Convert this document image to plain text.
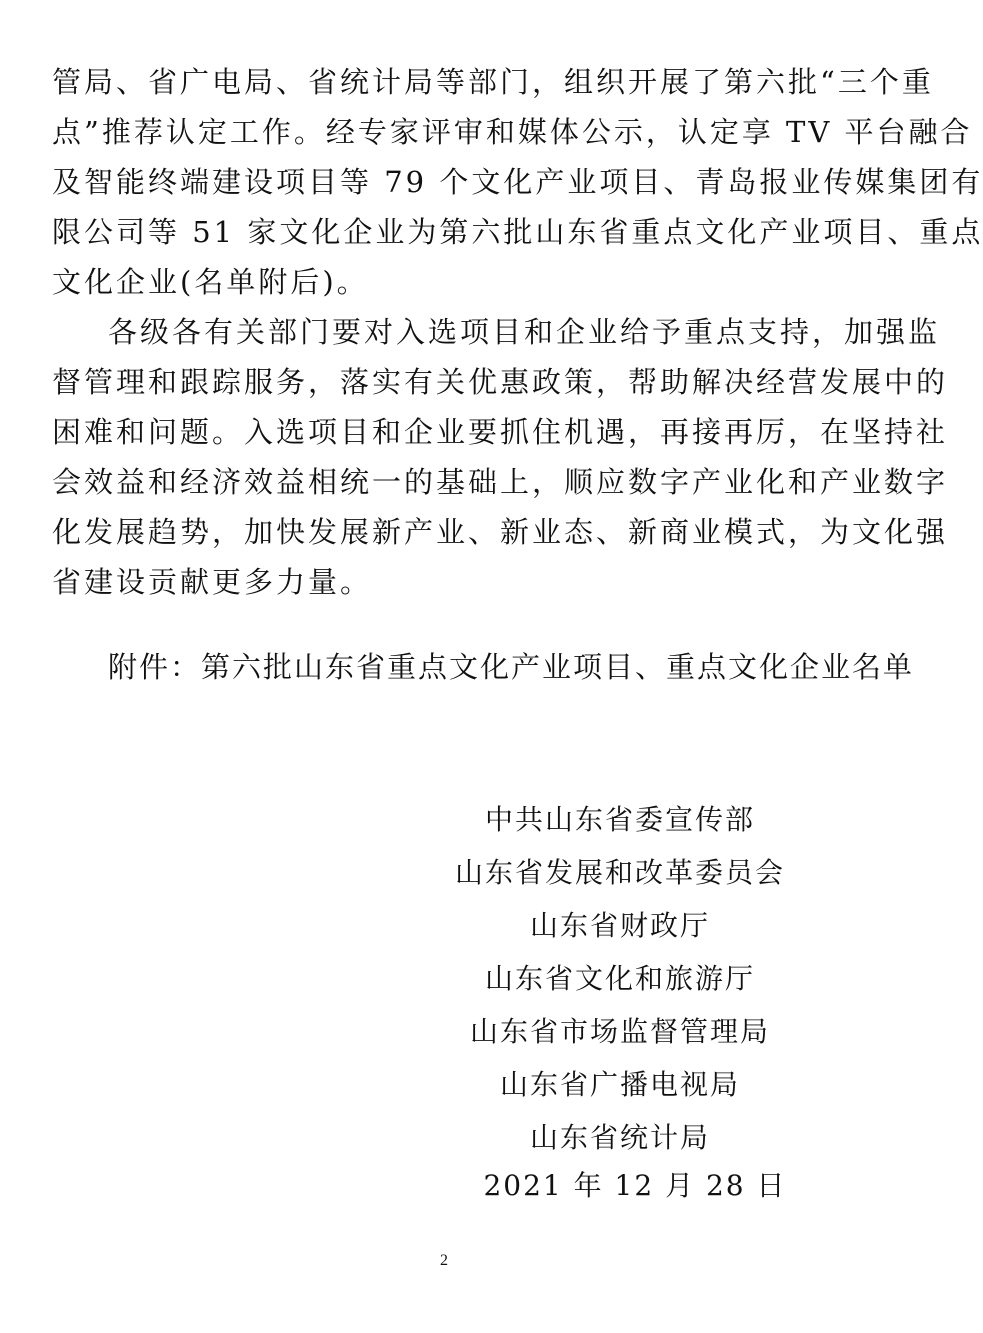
管局、省广电局、省统计局等部门，组织开展了第六批“三个重
点”推荐认定工作。经专家评审和媒体公示，认定享 TV 平台融合
及智能终端建设项目等 79 个文化产业项目、青岛报业传媒集团有
限公司等 51 家文化企业为第六批山东省重点文化产业项目、重点
文化企业(名单附后)。
各级各有关部门要对入选项目和企业给予重点支持，加强监
督管理和跟踪服务，落实有关优惠政策，帮助解决经营发展中的
困难和问题。入选项目和企业要抓住机遇，再接再厉，在坚持社
会效益和经济效益相统一的基础上，顺应数字产业化和产业数字
化发展趋势，加快发展新产业、新业态、新商业模式，为文化强
省建设贡献更多力量。
附件：第六批山东省重点文化产业项目、重点文化企业名单
中共山东省委宣传部
山东省发展和改革委员会
山东省财政厅
山东省文化和旅游厅
山东省市场监督管理局
山东省广播电视局
山东省统计局
2021 年 12 月 28 日
2
